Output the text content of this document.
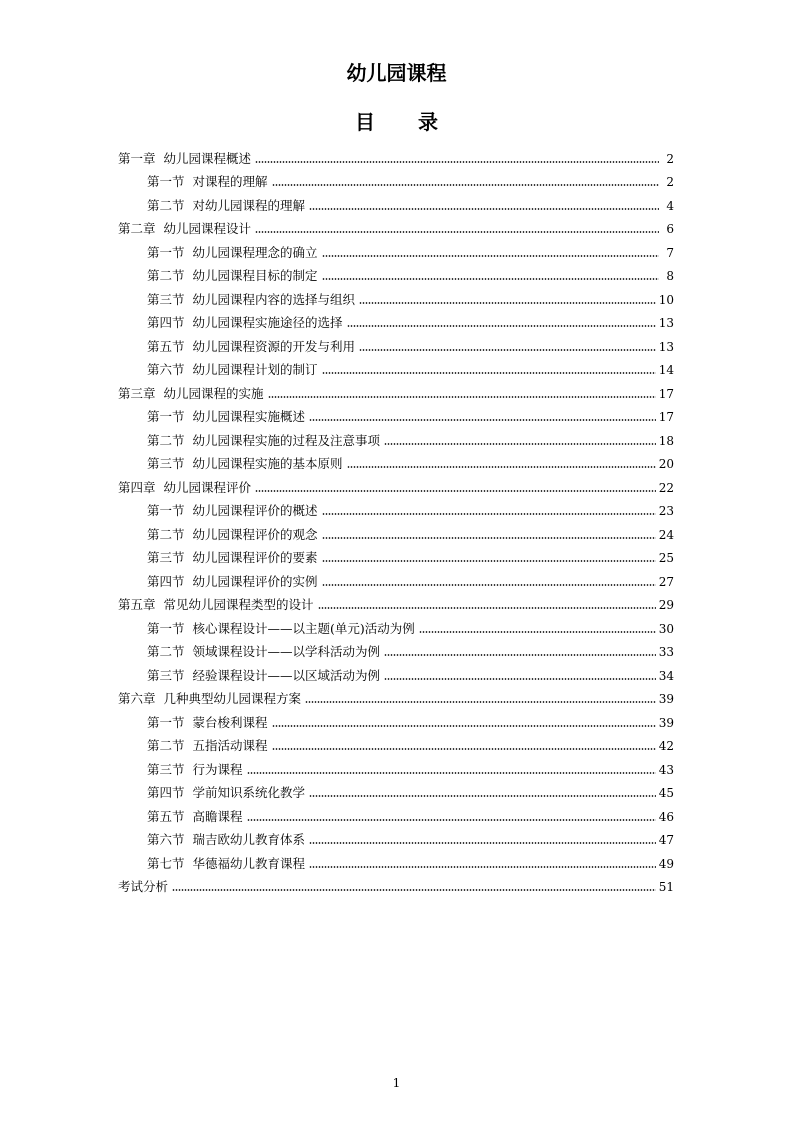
幼儿园课程
目 录
第一章 幼儿园课程概述	2
第一节 对课程的理解	2
第二节 对幼儿园课程的理解	4
第二章 幼儿园课程设计	6
第一节 幼儿园课程理念的确立	7
第二节 幼儿园课程目标的制定	8
第三节 幼儿园课程内容的选择与组织	10
第四节 幼儿园课程实施途径的选择	13
第五节 幼儿园课程资源的开发与利用	13
第六节 幼儿园课程计划的制订	14
第三章 幼儿园课程的实施	17
第一节 幼儿园课程实施概述	17
第二节 幼儿园课程实施的过程及注意事项	18
第三节 幼儿园课程实施的基本原则	20
第四章 幼儿园课程评价	22
第一节 幼儿园课程评价的概述	23
第二节 幼儿园课程评价的观念	24
第三节 幼儿园课程评价的要素	25
第四节 幼儿园课程评价的实例	27
第五章 常见幼儿园课程类型的设计	29
第一节 核心课程设计——以主题(单元)活动为例	30
第二节 领域课程设计——以学科活动为例	33
第三节 经验课程设计——以区域活动为例	34
第六章 几种典型幼儿园课程方案	39
第一节 蒙台梭利课程	39
第二节 五指活动课程	42
第三节 行为课程	43
第四节 学前知识系统化教学	45
第五节 高瞻课程	46
第六节 瑞吉欧幼儿教育体系	47
第七节 华德福幼儿教育课程	49
考试分析	51
1
